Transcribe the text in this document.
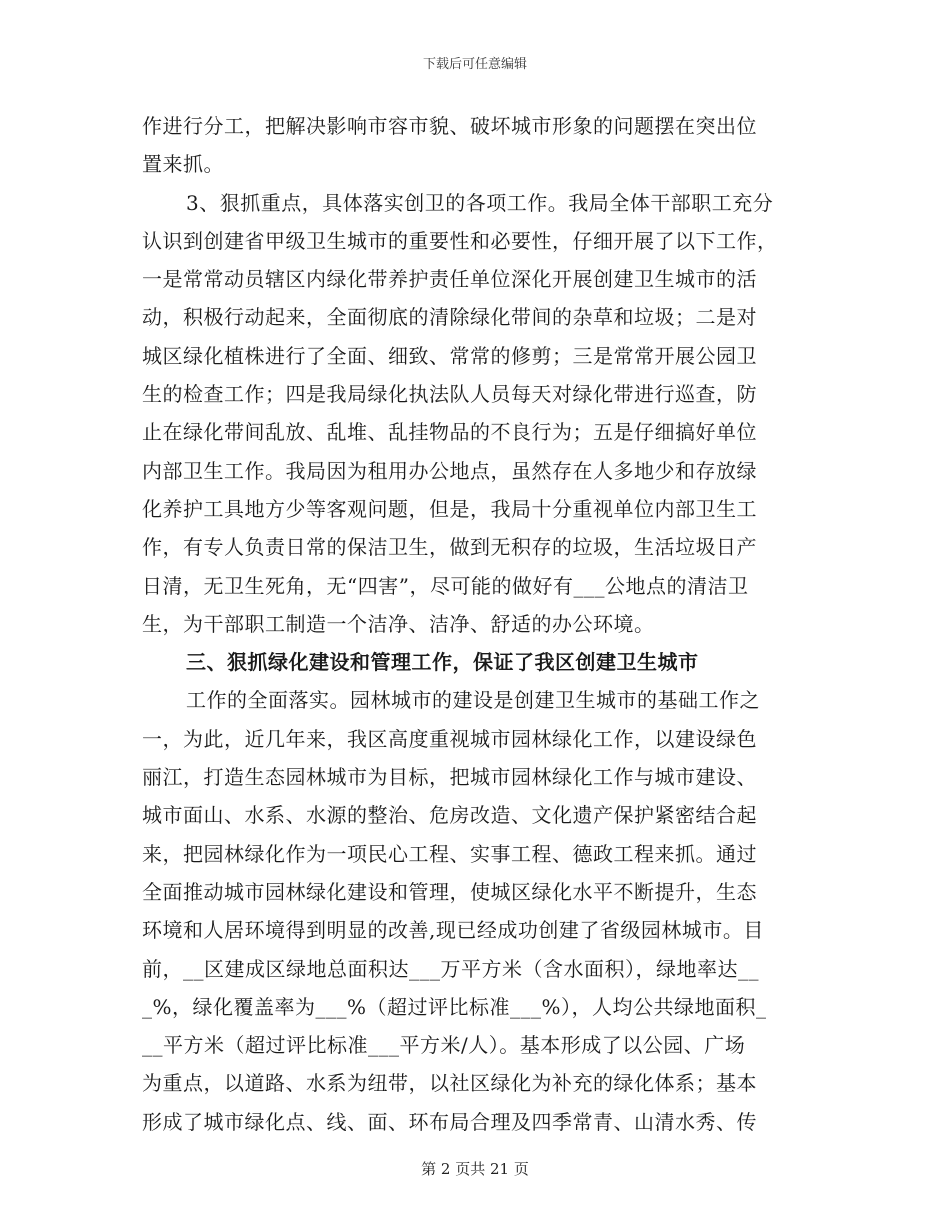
下载后可任意编辑
作进行分工，把解决影响市容市貌、破坏城市形象的问题摆在突出位
置来抓。
3、狠抓重点，具体落实创卫的各项工作。我局全体干部职工充分
认识到创建省甲级卫生城市的重要性和必要性，仔细开展了以下工作，
一是常常动员辖区内绿化带养护责任单位深化开展创建卫生城市的活
动，积极行动起来，全面彻底的清除绿化带间的杂草和垃圾；二是对
城区绿化植株进行了全面、细致、常常的修剪；三是常常开展公园卫
生的检查工作；四是我局绿化执法队人员每天对绿化带进行巡查，防
止在绿化带间乱放、乱堆、乱挂物品的不良行为；五是仔细搞好单位
内部卫生工作。我局因为租用办公地点，虽然存在人多地少和存放绿
化养护工具地方少等客观问题，但是，我局十分重视单位内部卫生工
作，有专人负责日常的保洁卫生，做到无积存的垃圾，生活垃圾日产
日清，无卫生死角，无“四害”，尽可能的做好有___公地点的清洁卫
生，为干部职工制造一个洁净、洁净、舒适的办公环境。
三、狠抓绿化建设和管理工作，保证了我区创建卫生城市
工作的全面落实。园林城市的建设是创建卫生城市的基础工作之
一，为此，近几年来，我区高度重视城市园林绿化工作，以建设绿色
丽江，打造生态园林城市为目标，把城市园林绿化工作与城市建设、
城市面山、水系、水源的整治、危房改造、文化遗产保护紧密结合起
来，把园林绿化作为一项民心工程、实事工程、德政工程来抓。通过
全面推动城市园林绿化建设和管理，使城区绿化水平不断提升，生态
环境和人居环境得到明显的改善,现已经成功创建了省级园林城市。目
前，__区建成区绿地总面积达___万平方米（含水面积），绿地率达__
_%，绿化覆盖率为___%（超过评比标准___%），人均公共绿地面积_
__平方米（超过评比标准___平方米/人）。基本形成了以公园、广场
为重点，以道路、水系为纽带，以社区绿化为补充的绿化体系；基本
形成了城市绿化点、线、面、环布局合理及四季常青、山清水秀、传
第 2 页共 21 页
